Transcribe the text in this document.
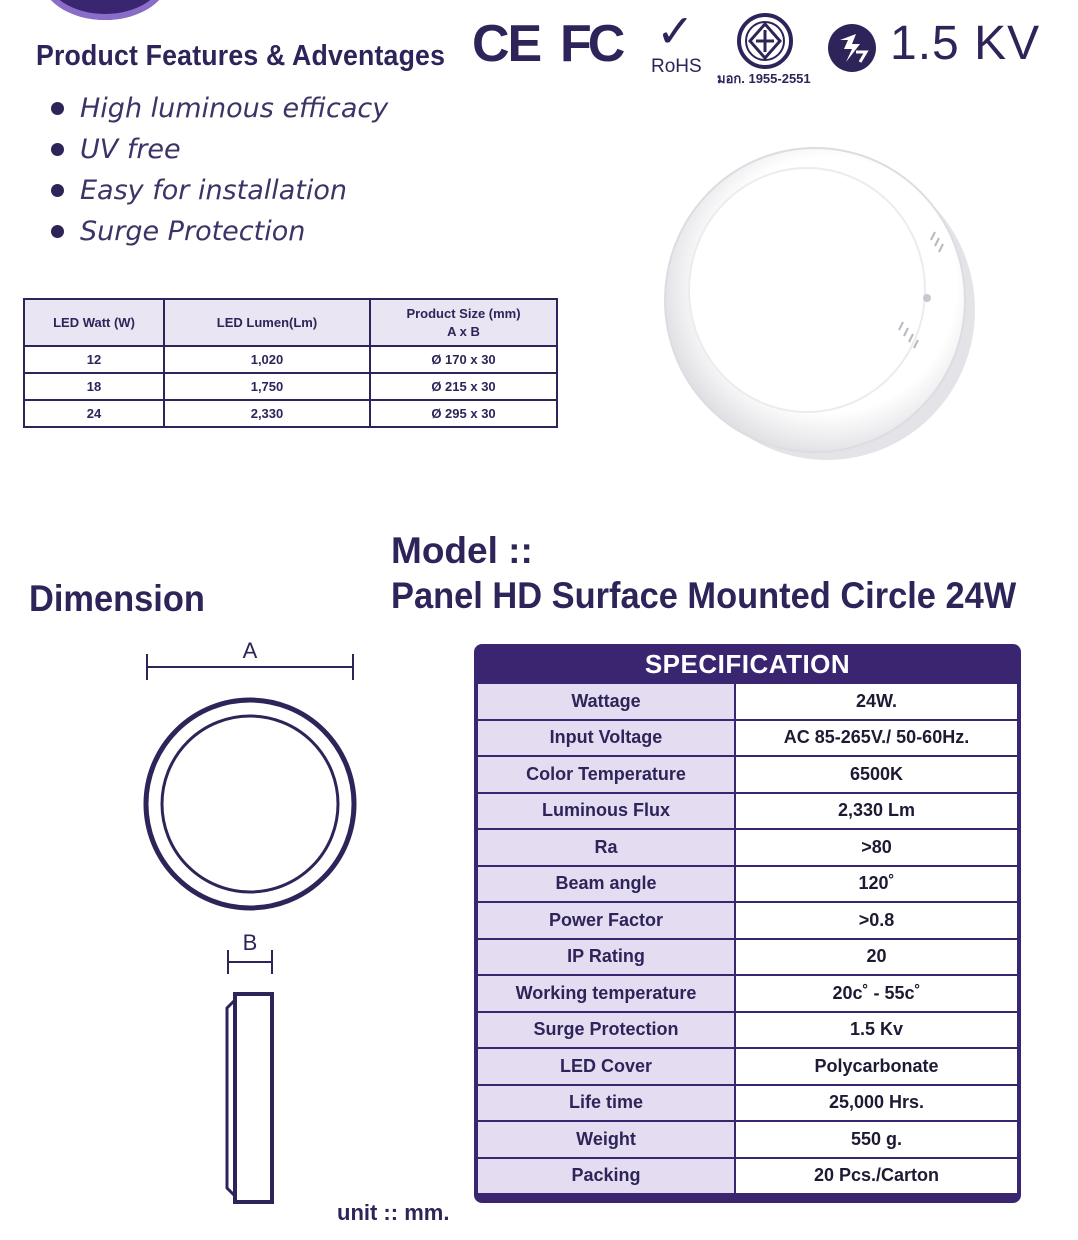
Product Features & Adventages
High luminous efficacy
UV free
Easy for installation
Surge Protection
CE FC ✓
RoHS
มอก. 1955-2551
1.5 KV
LED Watt (W)	LED Lumen(Lm)	Product Size (mm)
A x B

12	1,020	Ø 170 x 30
18	1,750	Ø 215 x 30
24	2,330	Ø 295 x 30
Model ::
Panel HD Surface Mounted Circle 24W
Dimension
A
B
unit :: mm.
SPECIFICATION
Wattage	24W.
Input Voltage	AC 85-265V./ 50-60Hz.
Color Temperature	6500K
Luminous Flux	2,330 Lm
Ra	>80
Beam angle	120˚
Power Factor	>0.8
IP Rating	20
Working temperature	20c˚ - 55c˚
Surge Protection	1.5 Kv
LED Cover	Polycarbonate
Life time	25,000 Hrs.
Weight	550 g.
Packing	20 Pcs./Carton
